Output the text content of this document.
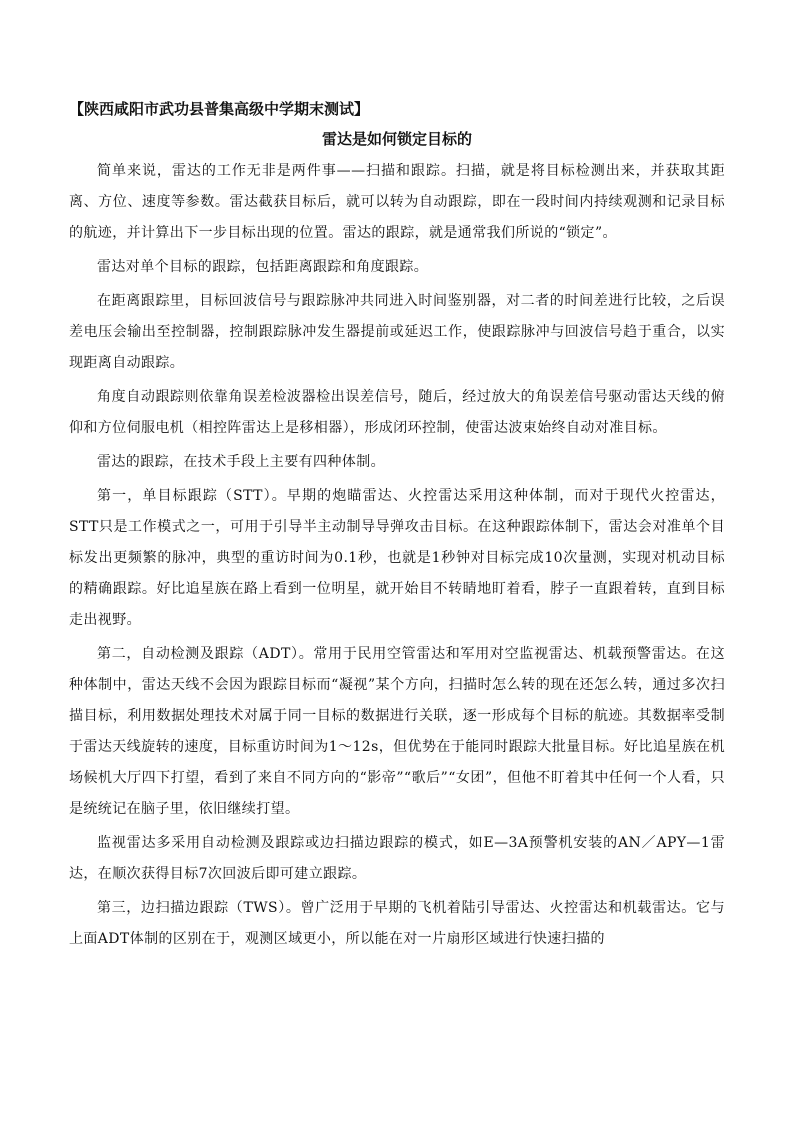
【陕西咸阳市武功县普集高级中学期末测试】
雷达是如何锁定目标的

简单来说，雷达的工作无非是两件事——扫描和跟踪。扫描，就是将目标检测出来，并获取其距离、方位、速度等参数。雷达截获目标后，就可以转为自动跟踪，即在一段时间内持续观测和记录目标的航迹，并计算出下一步目标出现的位置。雷达的跟踪，就是通常我们所说的“锁定”。

雷达对单个目标的跟踪，包括距离跟踪和角度跟踪。

在距离跟踪里，目标回波信号与跟踪脉冲共同进入时间鉴别器，对二者的时间差进行比较，之后误差电压会输出至控制器，控制跟踪脉冲发生器提前或延迟工作，使跟踪脉冲与回波信号趋于重合，以实现距离自动跟踪。

角度自动跟踪则依靠角误差检波器检出误差信号，随后，经过放大的角误差信号驱动雷达天线的俯仰和方位伺服电机（相控阵雷达上是移相器），形成闭环控制，使雷达波束始终自动对准目标。

雷达的跟踪，在技术手段上主要有四种体制。

第一，单目标跟踪（STT）。早期的炮瞄雷达、火控雷达采用这种体制，而对于现代火控雷达，STT只是工作模式之一，可用于引导半主动制导导弹攻击目标。在这种跟踪体制下，雷达会对准单个目标发出更频繁的脉冲，典型的重访时间为0.1秒，也就是1秒钟对目标完成10次量测，实现对机动目标的精确跟踪。好比追星族在路上看到一位明星，就开始目不转睛地盯着看，脖子一直跟着转，直到目标走出视野。

第二，自动检测及跟踪（ADT）。常用于民用空管雷达和军用对空监视雷达、机载预警雷达。在这种体制中，雷达天线不会因为跟踪目标而“凝视”某个方向，扫描时怎么转的现在还怎么转，通过多次扫描目标，利用数据处理技术对属于同一目标的数据进行关联，逐一形成每个目标的航迹。其数据率受制于雷达天线旋转的速度，目标重访时间为1～12s，但优势在于能同时跟踪大批量目标。好比追星族在机场候机大厅四下打望，看到了来自不同方向的“影帝”“歌后”“女团”，但他不盯着其中任何一个人看，只是统统记在脑子里，依旧继续打望。

监视雷达多采用自动检测及跟踪或边扫描边跟踪的模式，如E—3A预警机安装的AN／APY—1雷达，在顺次获得目标7次回波后即可建立跟踪。

第三，边扫描边跟踪（TWS）。曾广泛用于早期的飞机着陆引导雷达、火控雷达和机载雷达。它与上面ADT体制的区别在于，观测区域更小，所以能在对一片扇形区域进行快速扫描的
